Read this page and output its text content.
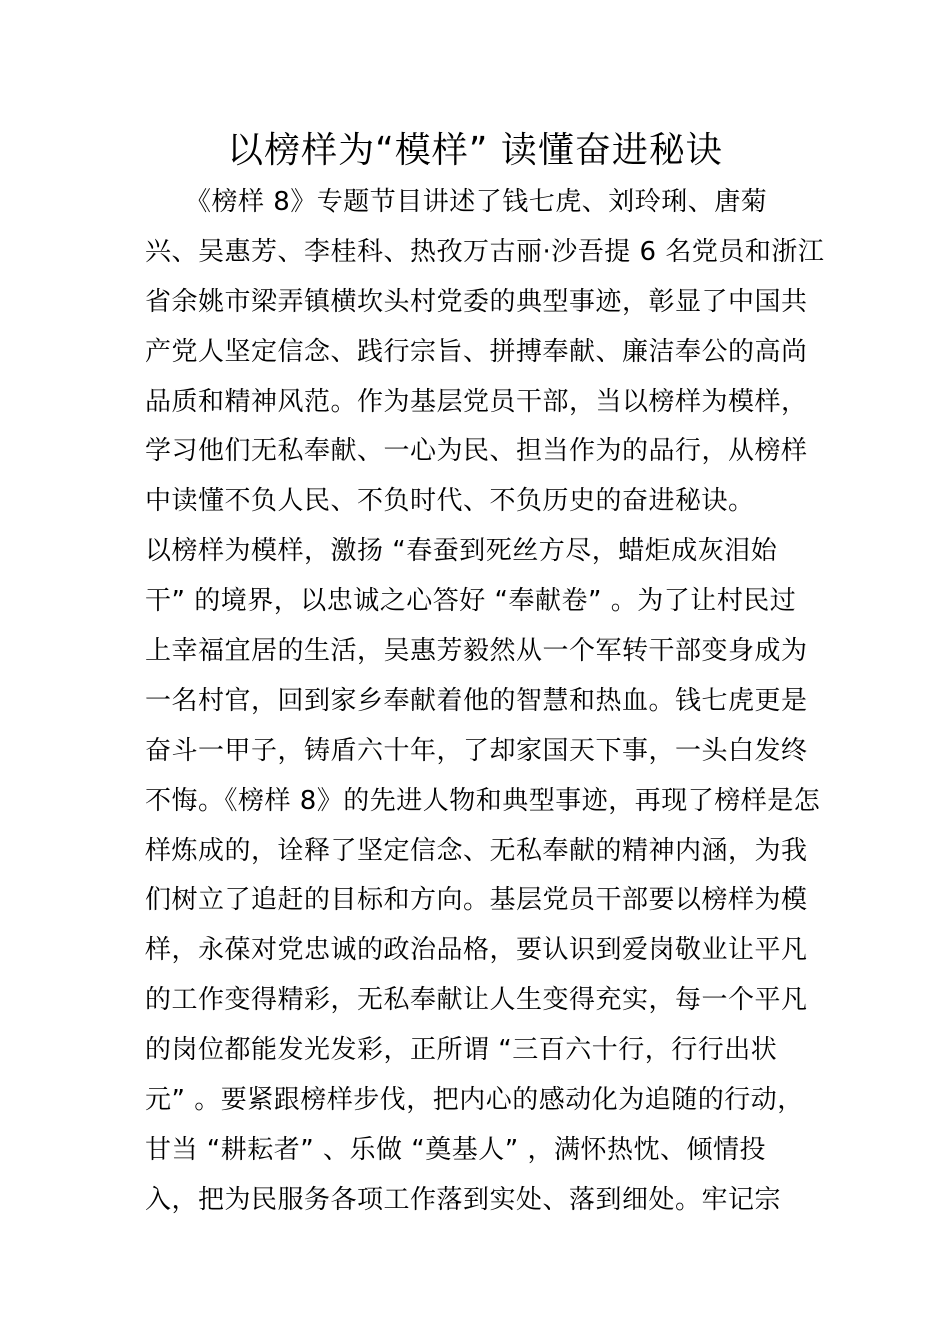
以榜样为“模样” 读懂奋进秘诀
　　《榜样 8》专题节目讲述了钱七虎、刘玲琍、唐菊
兴、吴惠芳、李桂科、热孜万古丽·沙吾提 6 名党员和浙江
省余姚市梁弄镇横坎头村党委的典型事迹，彰显了中国共
产党人坚定信念、践行宗旨、拼搏奉献、廉洁奉公的高尚
品质和精神风范。作为基层党员干部，当以榜样为模样，
学习他们无私奉献、一心为民、担当作为的品行，从榜样
中读懂不负人民、不负时代、不负历史的奋进秘诀。
以榜样为模样，激扬 “春蚕到死丝方尽，蜡炬成灰泪始
干” 的境界，以忠诚之心答好 “奉献卷” 。为了让村民过
上幸福宜居的生活，吴惠芳毅然从一个军转干部变身成为
一名村官，回到家乡奉献着他的智慧和热血。钱七虎更是
奋斗一甲子，铸盾六十年，了却家国天下事，一头白发终
不悔。《榜样 8》的先进人物和典型事迹，再现了榜样是怎
样炼成的，诠释了坚定信念、无私奉献的精神内涵，为我
们树立了追赶的目标和方向。基层党员干部要以榜样为模
样，永葆对党忠诚的政治品格，要认识到爱岗敬业让平凡
的工作变得精彩，无私奉献让人生变得充实，每一个平凡
的岗位都能发光发彩，正所谓 “三百六十行，行行出状
元” 。要紧跟榜样步伐，把内心的感动化为追随的行动，
甘当 “耕耘者” 、乐做 “奠基人” ，满怀热忱、倾情投
入，把为民服务各项工作落到实处、落到细处。牢记宗
